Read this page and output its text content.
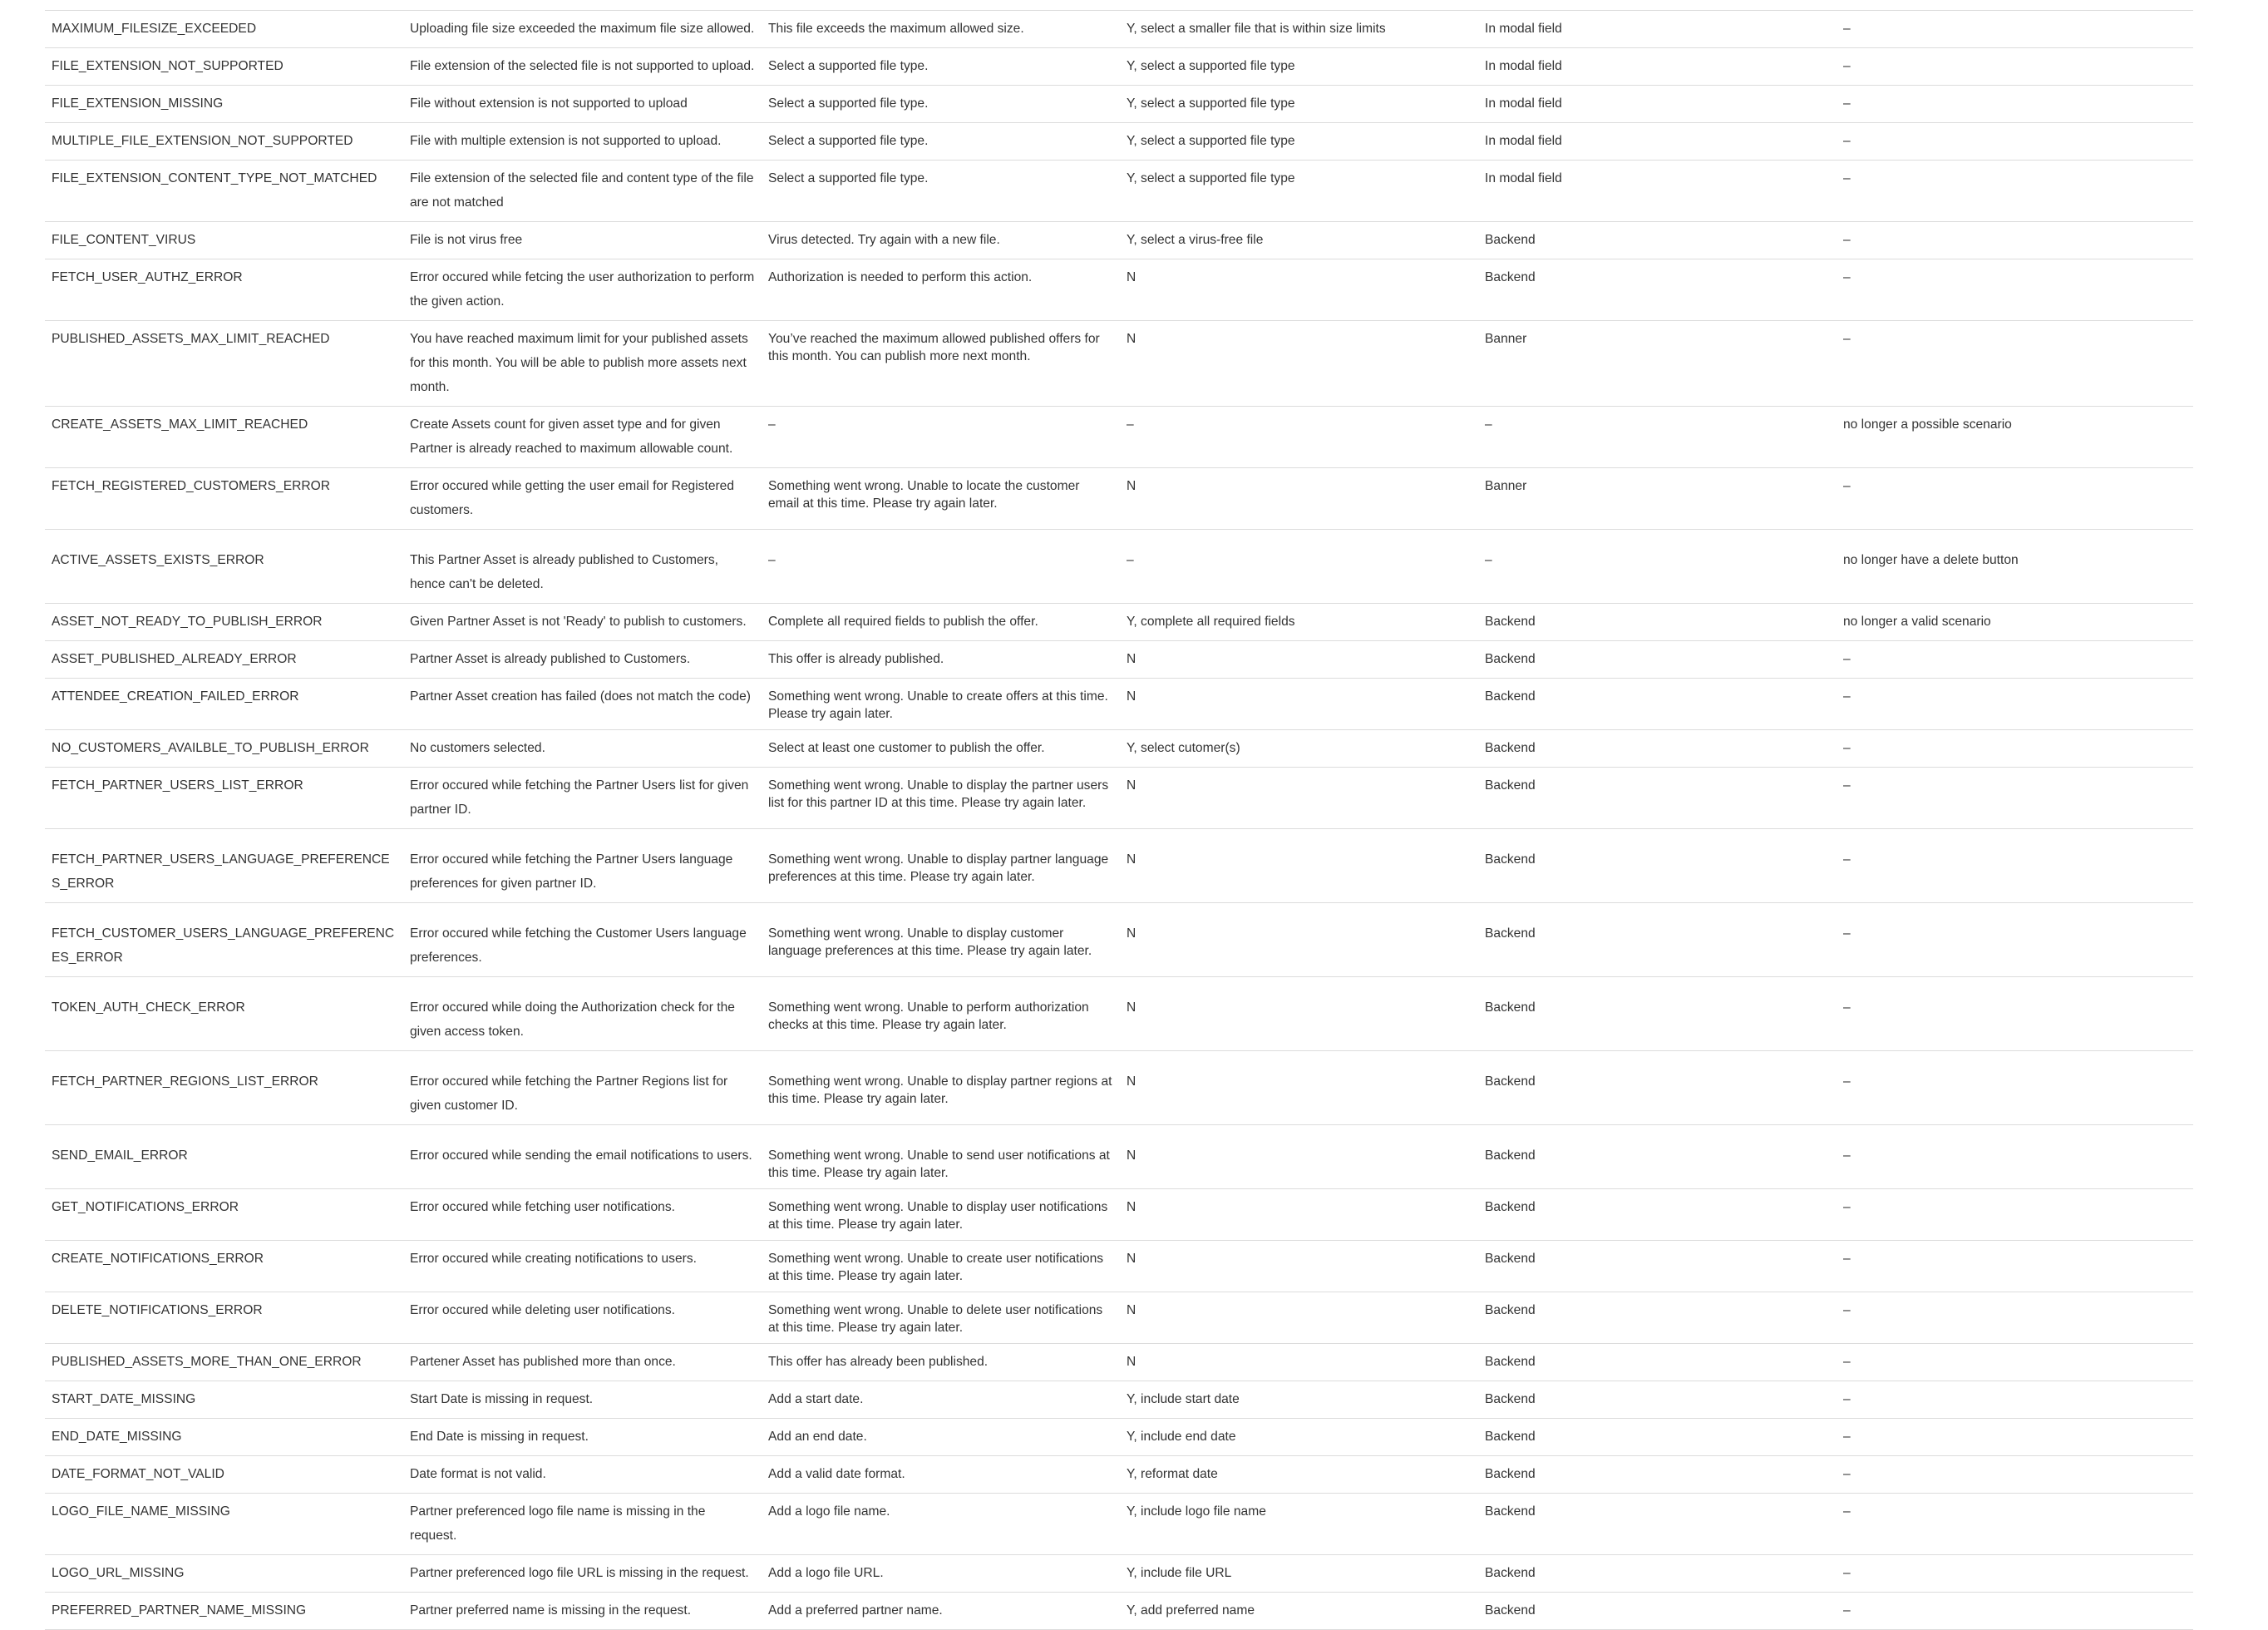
MAXIMUM_FILESIZE_EXCEEDED	Uploading file size exceeded the maximum file size allowed.	This file exceeds the maximum allowed size.	Y, select a smaller file that is within size limits	In modal field	–
FILE_EXTENSION_NOT_SUPPORTED	File extension of the selected file is not supported to upload.	Select a supported file type.	Y, select a supported file type	In modal field	–
FILE_EXTENSION_MISSING	File without extension is not supported to upload	Select a supported file type.	Y, select a supported file type	In modal field	–
MULTIPLE_FILE_EXTENSION_NOT_SUPPORTED	File with multiple extension is not supported to upload.	Select a supported file type.	Y, select a supported file type	In modal field	–
FILE_EXTENSION_CONTENT_TYPE_NOT_MATCHED	File extension of the selected file and content type of the file are not matched	Select a supported file type.	Y, select a supported file type	In modal field	–
FILE_CONTENT_VIRUS	File is not virus free	Virus detected. Try again with a new file.	Y, select a virus-free file	Backend	–
FETCH_USER_AUTHZ_ERROR	Error occured while fetcing the user authorization to perform the given action.	Authorization is needed to perform this action.	N	Backend	–
PUBLISHED_ASSETS_MAX_LIMIT_REACHED	You have reached maximum limit for your published assets for this month. You will be able to publish more assets next month.	You’ve reached the maximum allowed published offers for this month. You can publish more next month.	N	Banner	–
CREATE_ASSETS_MAX_LIMIT_REACHED	Create Assets count for given asset type and for given Partner is already reached to maximum allowable count.	–	–	–	no longer a possible scenario
FETCH_REGISTERED_CUSTOMERS_ERROR	Error occured while getting the user email for Registered customers.	Something went wrong. Unable to locate the customer email at this time. Please try again later.	N	Banner	–
ACTIVE_ASSETS_EXISTS_ERROR	This Partner Asset is already published to Customers, hence can't be deleted.	–	–	–	no longer have a delete button
ASSET_NOT_READY_TO_PUBLISH_ERROR	Given Partner Asset is not 'Ready' to publish to customers.	Complete all required fields to publish the offer.	Y, complete all required fields	Backend	no longer a valid scenario
ASSET_PUBLISHED_ALREADY_ERROR	Partner Asset is already published to Customers.	This offer is already published.	N	Backend	–
ATTENDEE_CREATION_FAILED_ERROR	Partner Asset creation has failed (does not match the code)	Something went wrong. Unable to create offers at this time. Please try again later.	N	Backend	–
NO_CUSTOMERS_AVAILBLE_TO_PUBLISH_ERROR	No customers selected.	Select at least one customer to publish the offer.	Y, select cutomer(s)	Backend	–
FETCH_PARTNER_USERS_LIST_ERROR	Error occured while fetching the Partner Users list for given partner ID.	Something went wrong. Unable to display the partner users list for this partner ID at this time. Please try again later.	N	Backend	–
FETCH_PARTNER_USERS_LANGUAGE_PREFERENCES_ERROR	Error occured while fetching the Partner Users language preferences for given partner ID.	Something went wrong. Unable to display partner language preferences at this time. Please try again later.	N	Backend	–
FETCH_CUSTOMER_USERS_LANGUAGE_PREFERENCES_ERROR	Error occured while fetching the Customer Users language preferences.	Something went wrong. Unable to display customer language preferences at this time. Please try again later.	N	Backend	–
TOKEN_AUTH_CHECK_ERROR	Error occured while doing the Authorization check for the given access token.	Something went wrong. Unable to perform authorization checks at this time. Please try again later.	N	Backend	–
FETCH_PARTNER_REGIONS_LIST_ERROR	Error occured while fetching the Partner Regions list for given customer ID.	Something went wrong. Unable to display partner regions at this time. Please try again later.	N	Backend	–
SEND_EMAIL_ERROR	Error occured while sending the email notifications to users.	Something went wrong. Unable to send user notifications at this time. Please try again later.	N	Backend	–
GET_NOTIFICATIONS_ERROR	Error occured while fetching user notifications.	Something went wrong. Unable to display user notifications at this time. Please try again later.	N	Backend	–
CREATE_NOTIFICATIONS_ERROR	Error occured while creating notifications to users.	Something went wrong. Unable to create user notifications at this time. Please try again later.	N	Backend	–
DELETE_NOTIFICATIONS_ERROR	Error occured while deleting user notifications.	Something went wrong. Unable to delete user notifications at this time. Please try again later.	N	Backend	–
PUBLISHED_ASSETS_MORE_THAN_ONE_ERROR	Partener Asset has published more than once.	This offer has already been published.	N	Backend	–
START_DATE_MISSING	Start Date is missing in request.	Add a start date.	Y, include start date	Backend	–
END_DATE_MISSING	End Date is missing in request.	Add an end date.	Y, include end date	Backend	–
DATE_FORMAT_NOT_VALID	Date format is not valid.	Add a valid date format.	Y, reformat date	Backend	–
LOGO_FILE_NAME_MISSING	Partner preferenced logo file name is missing in the request.	Add a logo file name.	Y, include logo file name	Backend	–
LOGO_URL_MISSING	Partner preferenced logo file URL is missing in the request.	Add a logo file URL.	Y, include file URL	Backend	–
PREFERRED_PARTNER_NAME_MISSING	Partner preferred name is missing in the request.	Add a preferred partner name.	Y, add preferred name	Backend	–
